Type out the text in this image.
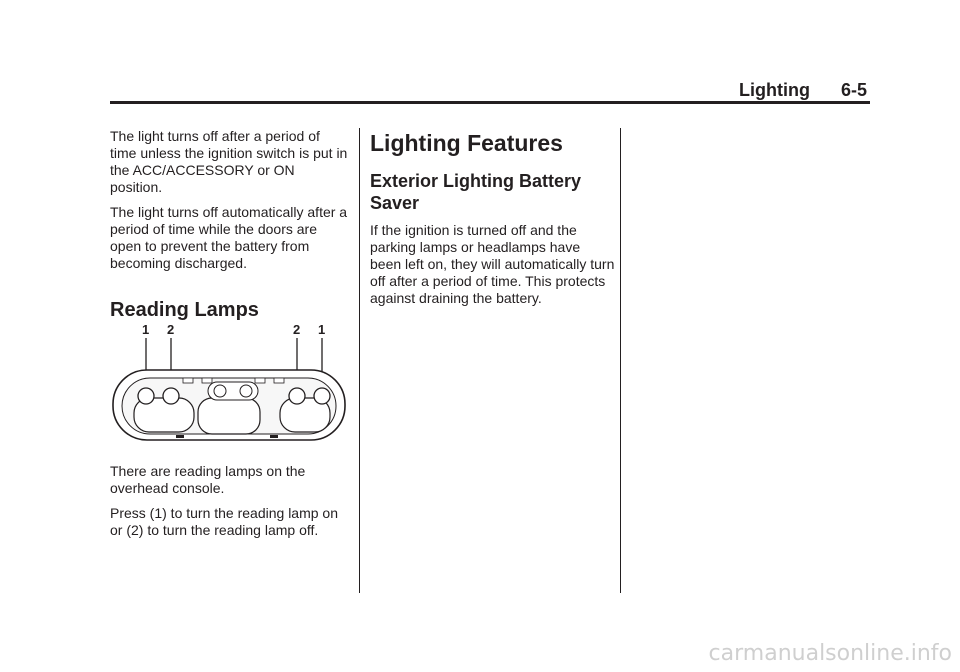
Lighting 6-5

The light turns off after a period of time unless the ignition switch is put in the ACC/ACCESSORY or ON position.

The light turns off automatically after a period of time while the doors are open to prevent the battery from becoming discharged.

Reading Lamps
1 2	2 1

There are reading lamps on the overhead console.

Press (1) to turn the reading lamp on or (2) to turn the reading lamp off.

Lighting Features
Exterior Lighting Battery Saver

If the ignition is turned off and the parking lamps or headlamps have been left on, they will automatically turn off after a period of time. This protects against draining the battery.

carmanualsonline.info
